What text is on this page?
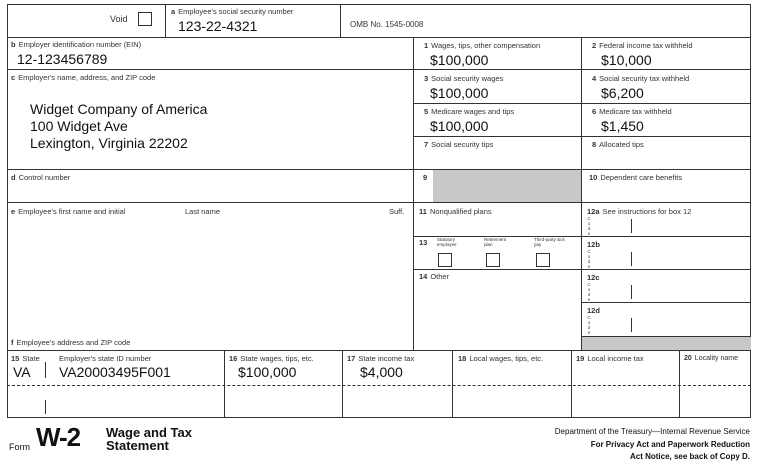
Void
a Employee's social security number
123-22-4321	OMB No. 1545-0008
b Employer identification number (EIN)
12-123456789
c Employer's name, address, and ZIP code
Widget Company of America
100 Widget Ave
Lexington, Virginia 22202
d Control number
e Employee's first name and initial	Last name	Suff.
f Employee's address and ZIP code
1 Wages, tips, other compensation
$100,000
2 Federal income tax withheld
$10,000
3 Social security wages
$100,000
4 Social security tax withheld
$6,200
5 Medicare wages and tips
$100,000
6 Medicare tax withheld
$1,450
7 Social security tips	8 Allocated tips
9	10 Dependent care benefits
11 Nonqualified plans	12a See instructions for box 12
13	Statutory employee
Retirement plan
Third-party sick pay
14 Other
12b
12c
12d
C o d e
C o d e
C o d e
C o d e
15 State	Employer's state ID number
VA VA20003495F001
16 State wages, tips, etc.
$100,000
17 State income tax
$4,000
18 Local wages, tips, etc.	19 Local income tax	20 Locality name
Form W-2 Wage and Tax Statement
Department of the Treasury—Internal Revenue Service
For Privacy Act and Paperwork Reduction
Act Notice, see back of Copy D.
